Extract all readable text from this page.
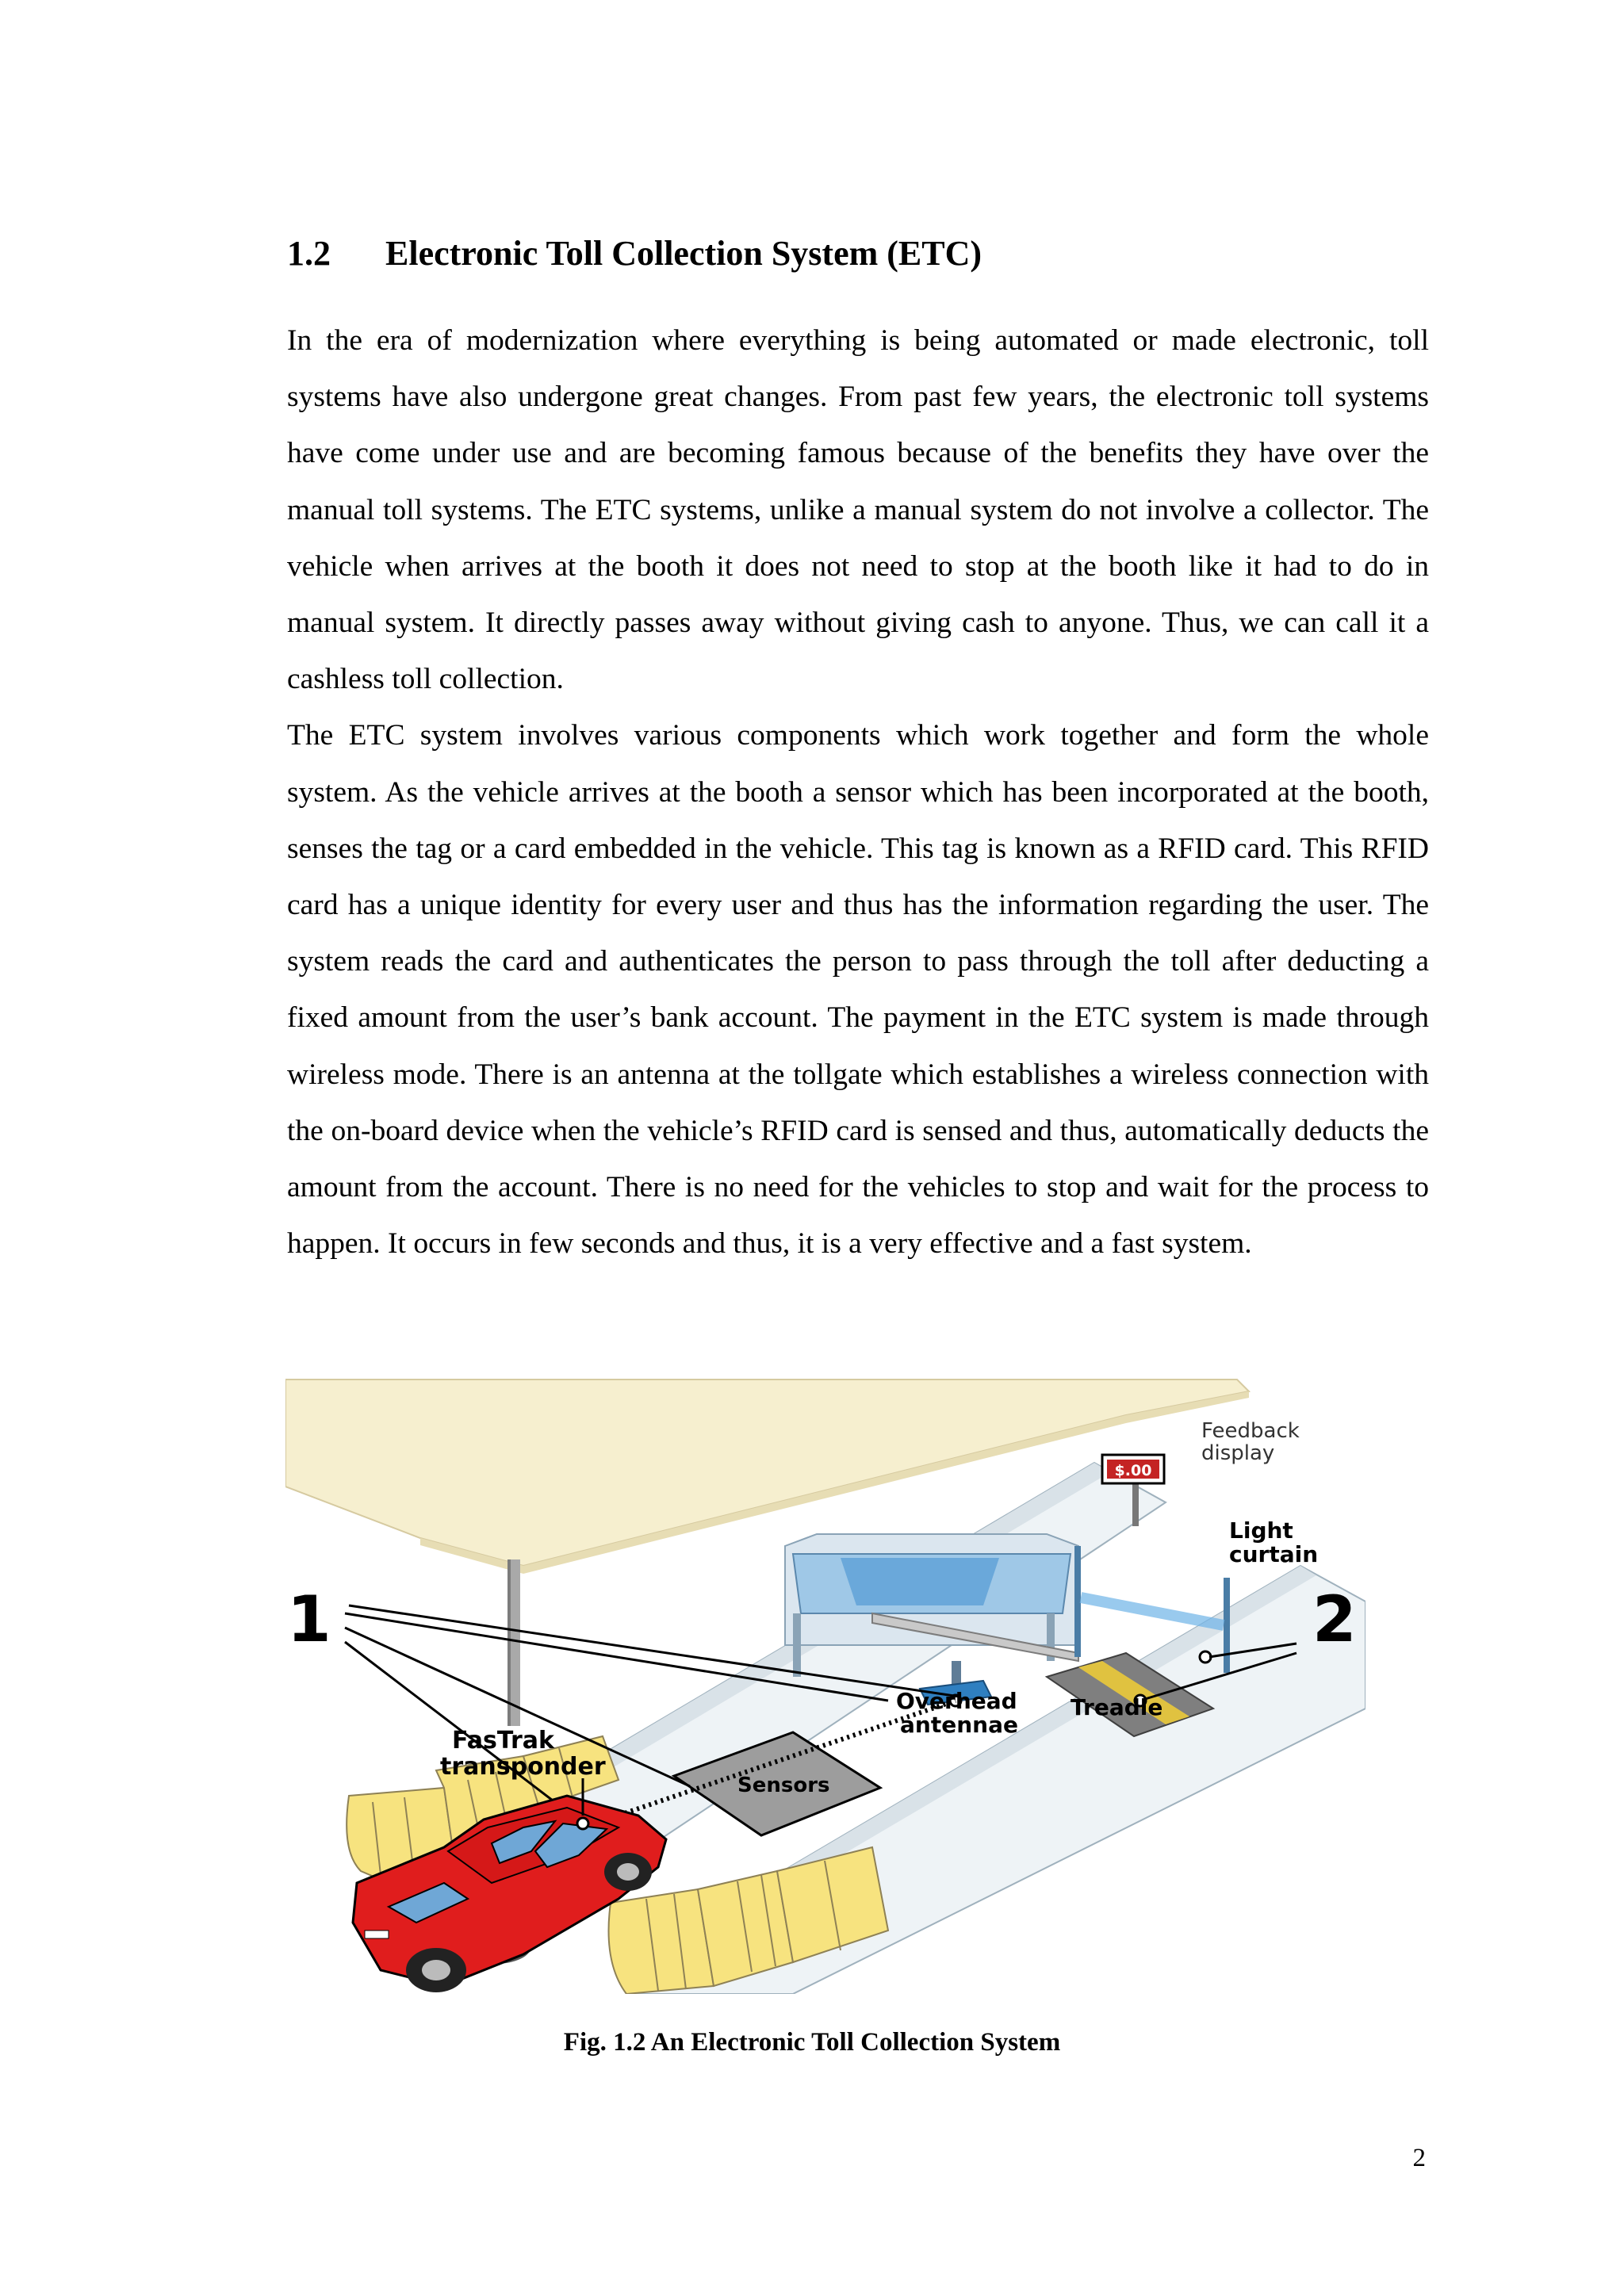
1.2 Electronic Toll Collection System (ETC)

In the era of modernization where everything is being automated or made electronic, toll systems have also undergone great changes. From past few years, the electronic toll systems have come under use and are becoming famous because of the benefits they have over the manual toll systems. The ETC systems, unlike a manual system do not involve a collector. The vehicle when arrives at the booth it does not need to stop at the booth like it had to do in manual system. It directly passes away without giving cash to anyone. Thus, we can call it a cashless toll collection.

The ETC system involves various components which work together and form the whole system. As the vehicle arrives at the booth a sensor which has been incorporated at the booth, senses the tag or a card embedded in the vehicle. This tag is known as a RFID card. This RFID card has a unique identity for every user and thus has the information regarding the user. The system reads the card and authenticates the person to pass through the toll after deducting a fixed amount from the user’s bank account. The payment in the ETC system is made through wireless mode. There is an antenna at the tollgate which establishes a wireless connection with the on-board device when the vehicle’s RFID card is sensed and thus, automatically deducts the amount from the account. There is no need for the vehicles to stop and wait for the process to happen. It occurs in few seconds and thus, it is a very effective and a fast system.

$.00
1	2
Feedback
display
Light
curtain
Overhead
antennae
Treadle
FasTrak
transponder
Sensors
Fig. 1.2 An Electronic Toll Collection System
2
